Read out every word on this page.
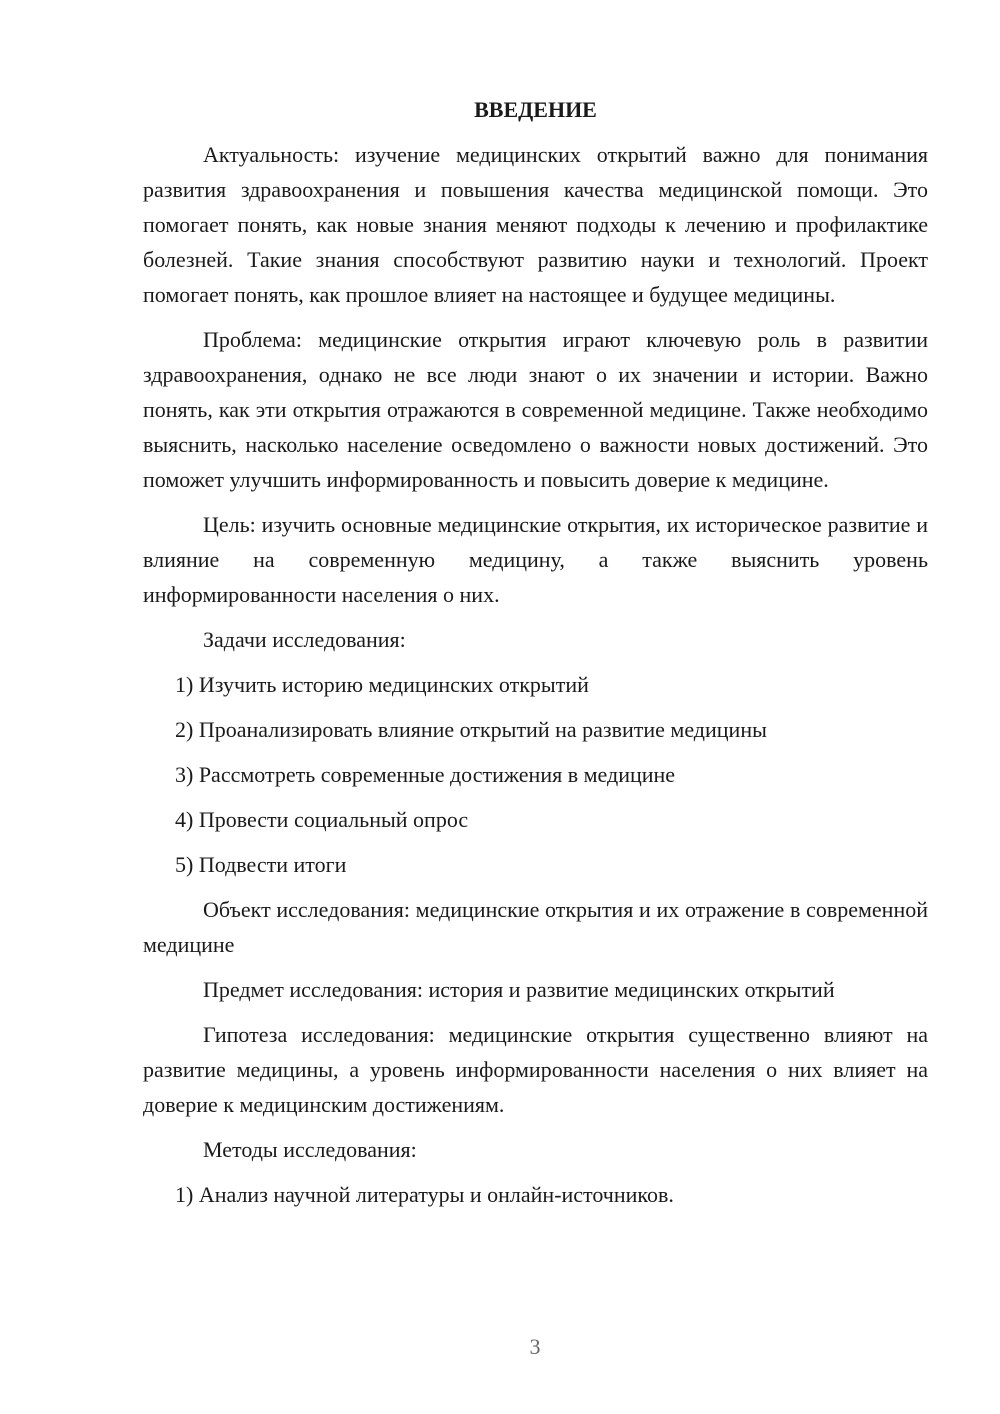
ВВЕДЕНИЕ

Актуальность: изучение медицинских открытий важно для понимания развития здравоохранения и повышения качества медицинской помощи. Это помогает понять, как новые знания меняют подходы к лечению и профилактике болезней. Такие знания способствуют развитию науки и технологий. Проект помогает понять, как прошлое влияет на настоящее и будущее медицины.

Проблема: медицинские открытия играют ключевую роль в развитии здравоохранения, однако не все люди знают о их значении и истории. Важно понять, как эти открытия отражаются в современной медицине. Также необходимо выяснить, насколько население осведомлено о важности новых достижений. Это поможет улучшить информированность и повысить доверие к медицине.

Цель: изучить основные медицинские открытия, их историческое развитие и влияние на современную медицину, а также выяснить уровень информированности населения о них.

Задачи исследования:

1) Изучить историю медицинских открытий
2) Проанализировать влияние открытий на развитие медицины
3) Рассмотреть современные достижения в медицине
4) Провести социальный опрос
5) Подвести итоги

Объект исследования: медицинские открытия и их отражение в современной медицине

Предмет исследования: история и развитие медицинских открытий

Гипотеза исследования: медицинские открытия существенно влияют на развитие медицины, а уровень информированности населения о них влияет на доверие к медицинским достижениям.

Методы исследования:

1) Анализ научной литературы и онлайн-источников.
3
